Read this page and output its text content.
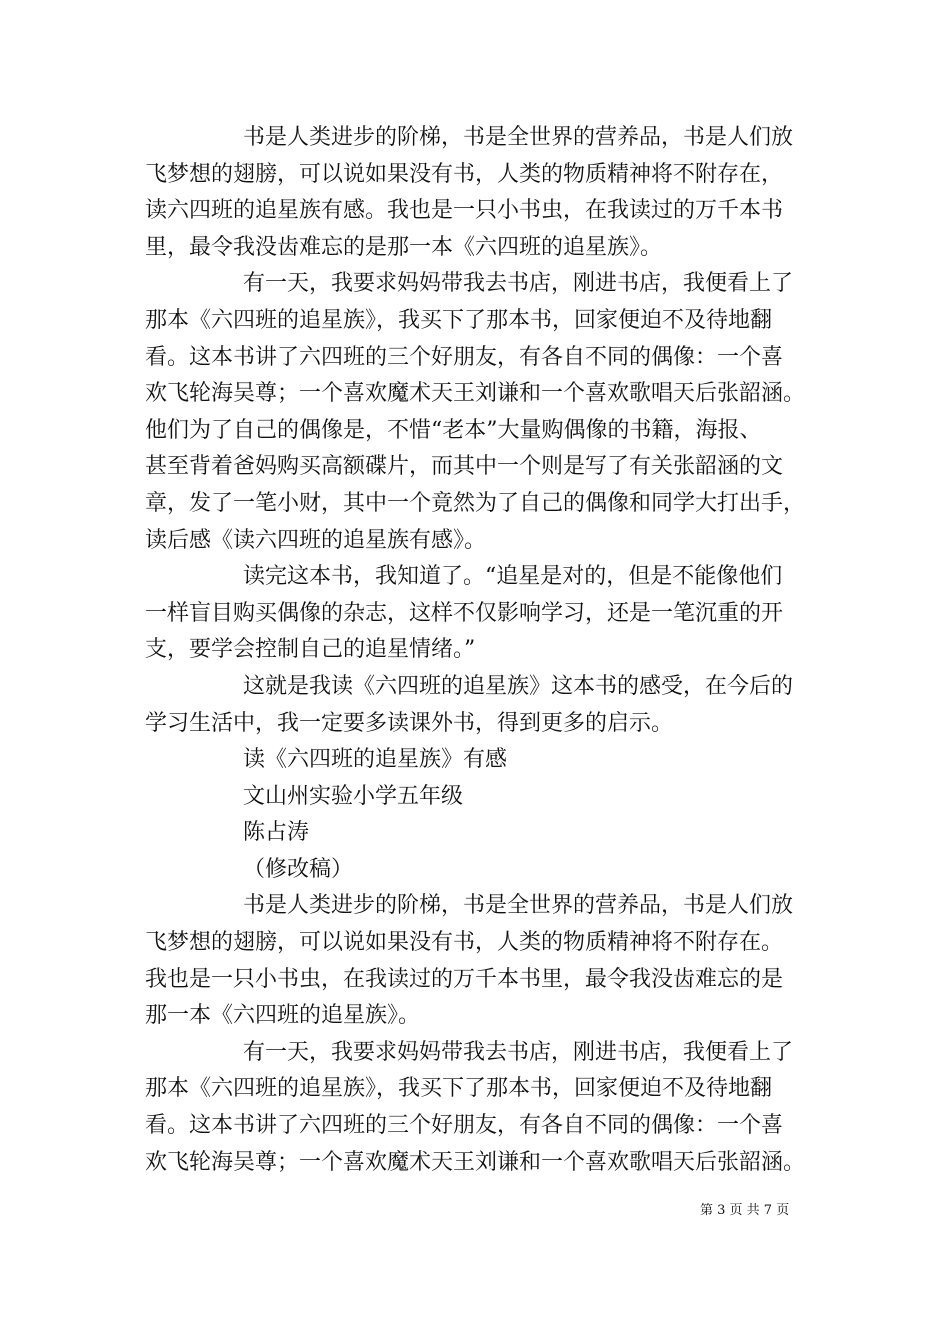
书是人类进步的阶梯，书是全世界的营养品，书是人们放
飞梦想的翅膀，可以说如果没有书，人类的物质精神将不附存在，
读六四班的追星族有感。我也是一只小书虫，在我读过的万千本书
里，最令我没齿难忘的是那一本《六四班的追星族》。
有一天，我要求妈妈带我去书店，刚进书店，我便看上了
那本《六四班的追星族》，我买下了那本书，回家便迫不及待地翻
看。这本书讲了六四班的三个好朋友，有各自不同的偶像：一个喜
欢飞轮海吴尊；一个喜欢魔术天王刘谦和一个喜欢歌唱天后张韶涵。
他们为了自己的偶像是，不惜“老本”大量购偶像的书籍，海报、
甚至背着爸妈购买高额碟片，而其中一个则是写了有关张韶涵的文
章，发了一笔小财，其中一个竟然为了自己的偶像和同学大打出手，
读后感《读六四班的追星族有感》。
读完这本书，我知道了。“追星是对的，但是不能像他们
一样盲目购买偶像的杂志，这样不仅影响学习，还是一笔沉重的开
支，要学会控制自己的追星情绪。”
这就是我读《六四班的追星族》这本书的感受，在今后的
学习生活中，我一定要多读课外书，得到更多的启示。
读《六四班的追星族》有感
文山州实验小学五年级
陈占涛
（修改稿）
书是人类进步的阶梯，书是全世界的营养品，书是人们放
飞梦想的翅膀，可以说如果没有书，人类的物质精神将不附存在。
我也是一只小书虫，在我读过的万千本书里，最令我没齿难忘的是
那一本《六四班的追星族》。
有一天，我要求妈妈带我去书店，刚进书店，我便看上了
那本《六四班的追星族》，我买下了那本书，回家便迫不及待地翻
看。这本书讲了六四班的三个好朋友，有各自不同的偶像：一个喜
欢飞轮海吴尊；一个喜欢魔术天王刘谦和一个喜欢歌唱天后张韶涵。
第 3 页 共 7 页
